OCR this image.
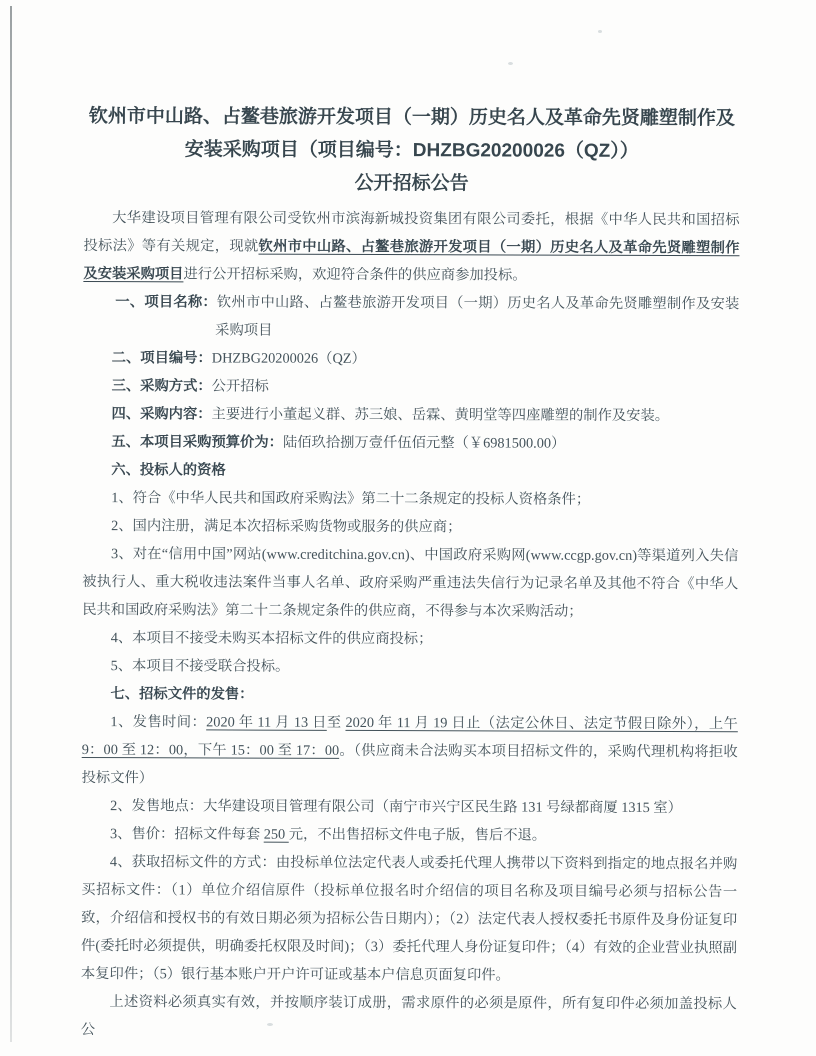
钦州市中山路、占鳌巷旅游开发项目（一期）历史名人及革命先贤雕塑制作及
安装采购项目（项目编号：DHZBG20200026（QZ））
公开招标公告

大华建设项目管理有限公司受钦州市滨海新城投资集团有限公司委托，根据《中华人民共和国招标投标法》等有关规定，现就钦州市中山路、占鳌巷旅游开发项目（一期）历史名人及革命先贤雕塑制作及安装采购项目进行公开招标采购，欢迎符合条件的供应商参加投标。

一、项目名称：钦州市中山路、占鳌巷旅游开发项目（一期）历史名人及革命先贤雕塑制作及安装采购项目

二、项目编号：DHZBG20200026（QZ）

三、采购方式：公开招标

四、采购内容：主要进行小董起义群、苏三娘、岳霖、黄明堂等四座雕塑的制作及安装。

五、本项目采购预算价为：陆佰玖拾捌万壹仟伍佰元整（￥6981500.00）

六、投标人的资格

1、符合《中华人民共和国政府采购法》第二十二条规定的投标人资格条件；

2、国内注册，满足本次招标采购货物或服务的供应商；

3、对在“信用中国”网站(www.creditchina.gov.cn)、中国政府采购网(www.ccgp.gov.cn)等渠道列入失信被执行人、重大税收违法案件当事人名单、政府采购严重违法失信行为记录名单及其他不符合《中华人民共和国政府采购法》第二十二条规定条件的供应商，不得参与本次采购活动；

4、本项目不接受未购买本招标文件的供应商投标；

5、本项目不接受联合投标。

七、招标文件的发售：

1、发售时间：2020 年 11 月 13 日至 2020 年 11 月 19 日止（法定公休日、法定节假日除外），上午 9：00 至 12：00，下午 15：00 至 17：00。（供应商未合法购买本项目招标文件的，采购代理机构将拒收投标文件）

2、发售地点：大华建设项目管理有限公司（南宁市兴宁区民生路 131 号绿都商厦 1315 室）

3、售价：招标文件每套 250 元，不出售招标文件电子版，售后不退。

4、获取招标文件的方式：由投标单位法定代表人或委托代理人携带以下资料到指定的地点报名并购买招标文件：（1）单位介绍信原件（投标单位报名时介绍信的项目名称及项目编号必须与招标公告一致，介绍信和授权书的有效日期必须为招标公告日期内）；（2）法定代表人授权委托书原件及身份证复印件(委托时必须提供，明确委托权限及时间)；（3）委托代理人身份证复印件；（4）有效的企业营业执照副本复印件；（5）银行基本账户开户许可证或基本户信息页面复印件。

上述资料必须真实有效，并按顺序装订成册，需求原件的必须是原件，所有复印件必须加盖投标人公
